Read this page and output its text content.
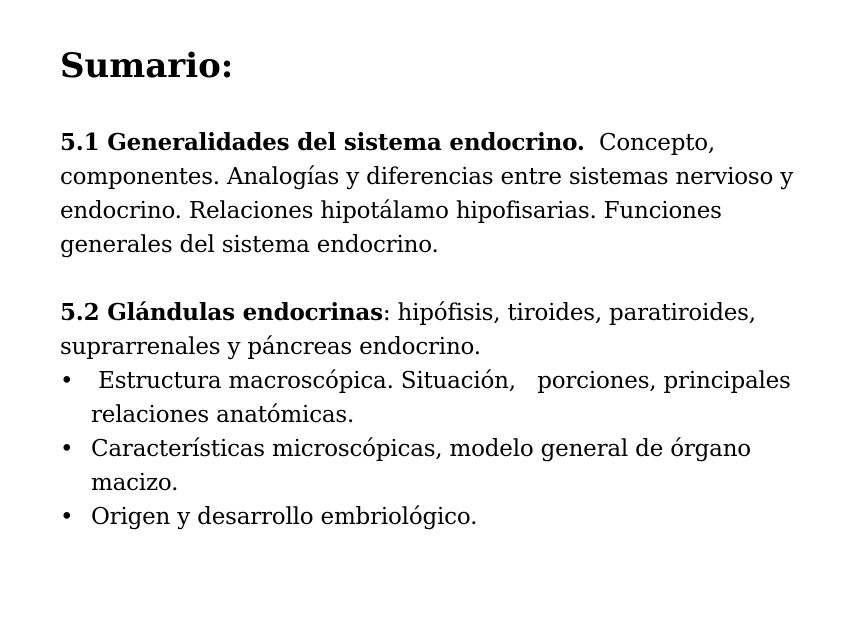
Sumario:

5.1 Generalidades del sistema endocrino. Concepto, componentes. Analogías y diferencias entre sistemas nervioso y endocrino. Relaciones hipotálamo hipofisarias. Funciones generales del sistema endocrino.

5.2 Glándulas endocrinas: hipófisis, tiroides, paratiroides, suprarrenales y páncreas endocrino.

• Estructura macroscópica. Situación,   porciones, principales relaciones anatómicas.
• Características microscópicas, modelo general de órgano macizo.
• Origen y desarrollo embriológico.
